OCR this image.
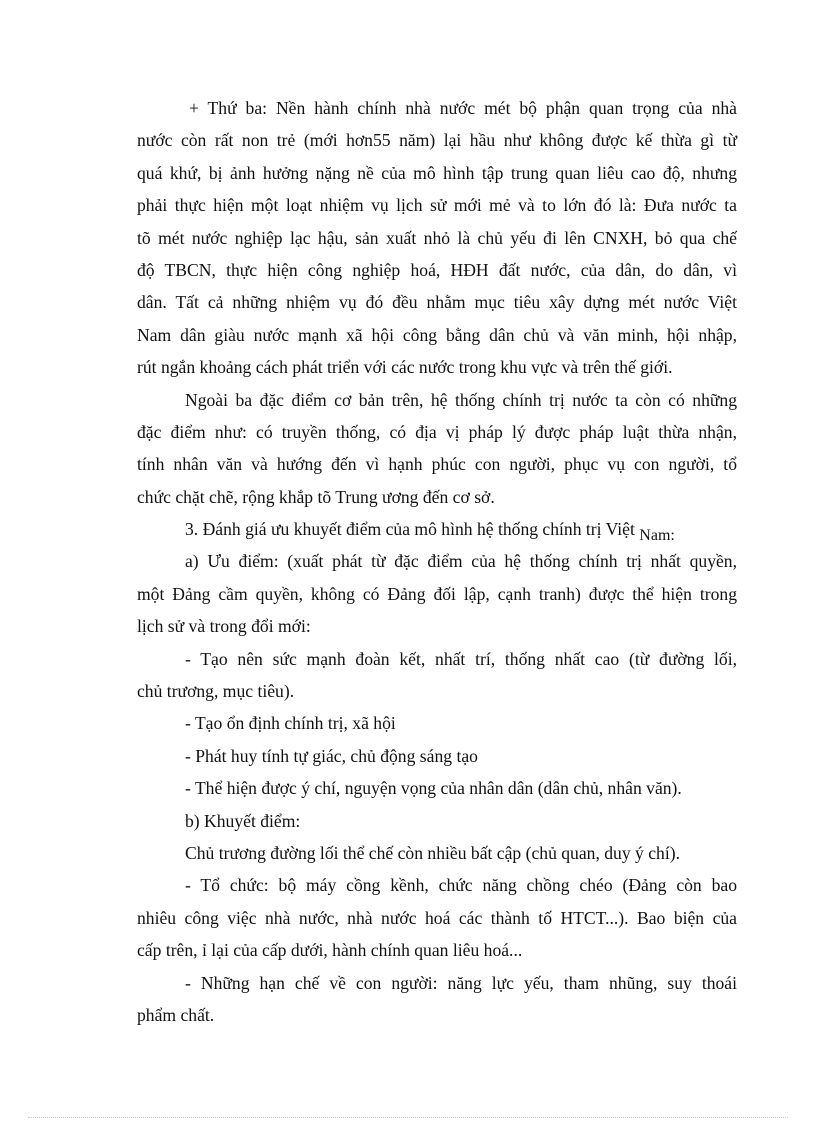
+ Thứ ba: Nền hành chính nhà nước mét bộ phận quan trọng của nhà
nước còn rất non trẻ (mới hơn55 năm) lại hầu như không được kế thừa gì từ
quá khứ, bị ảnh hưởng nặng nề của mô hình tập trung quan liêu cao độ, nhưng
phải thực hiện một loạt nhiệm vụ lịch sử mới mẻ và to lớn đó là: Đưa nước ta
tõ mét nước nghiệp lạc hậu, sản xuất nhỏ là chủ yếu đi lên CNXH, bỏ qua chế
độ TBCN, thực hiện công nghiệp hoá, HĐH đất nước, của dân, do dân, vì
dân. Tất cả những nhiệm vụ đó đều nhằm mục tiêu xây dựng mét nước Việt
Nam dân giàu nước mạnh xã hội công bằng dân chủ và văn minh, hội nhập,
rút ngắn khoảng cách phát triển với các nước trong khu vực và trên thế giới.
Ngoài ba đặc điểm cơ bản trên, hệ thống chính trị nước ta còn có những
đặc điểm như: có truyền thống, có địa vị pháp lý được pháp luật thừa nhận,
tính nhân văn và hướng đến vì hạnh phúc con người, phục vụ con người, tổ
chức chặt chẽ, rộng khắp tõ Trung ương đến cơ sở.
3. Đánh giá ưu khuyết điểm của mô hình hệ thống chính trị Việt Nam:
a) Ưu điểm: (xuất phát từ đặc điểm của hệ thống chính trị nhất quyền,
một Đảng cầm quyền, không có Đảng đối lập, cạnh tranh) được thể hiện trong
lịch sử và trong đổi mới:
- Tạo nên sức mạnh đoàn kết, nhất trí, thống nhất cao (từ đường lối,
chủ trương, mục tiêu).
- Tạo ổn định chính trị, xã hội
- Phát huy tính tự giác, chủ động sáng tạo
- Thể hiện được ý chí, nguyện vọng của nhân dân (dân chủ, nhân văn).
b) Khuyết điểm:
Chủ trương đường lối thể chế còn nhiều bất cập (chủ quan, duy ý chí).
- Tổ chức: bộ máy cồng kềnh, chức năng chồng chéo (Đảng còn bao
nhiêu công việc nhà nước, nhà nước hoá các thành tố HTCT...). Bao biện của
cấp trên, ỉ lại của cấp dưới, hành chính quan liêu hoá...
- Những hạn chế về con người: năng lực yếu, tham nhũng, suy thoái
phẩm chất.
